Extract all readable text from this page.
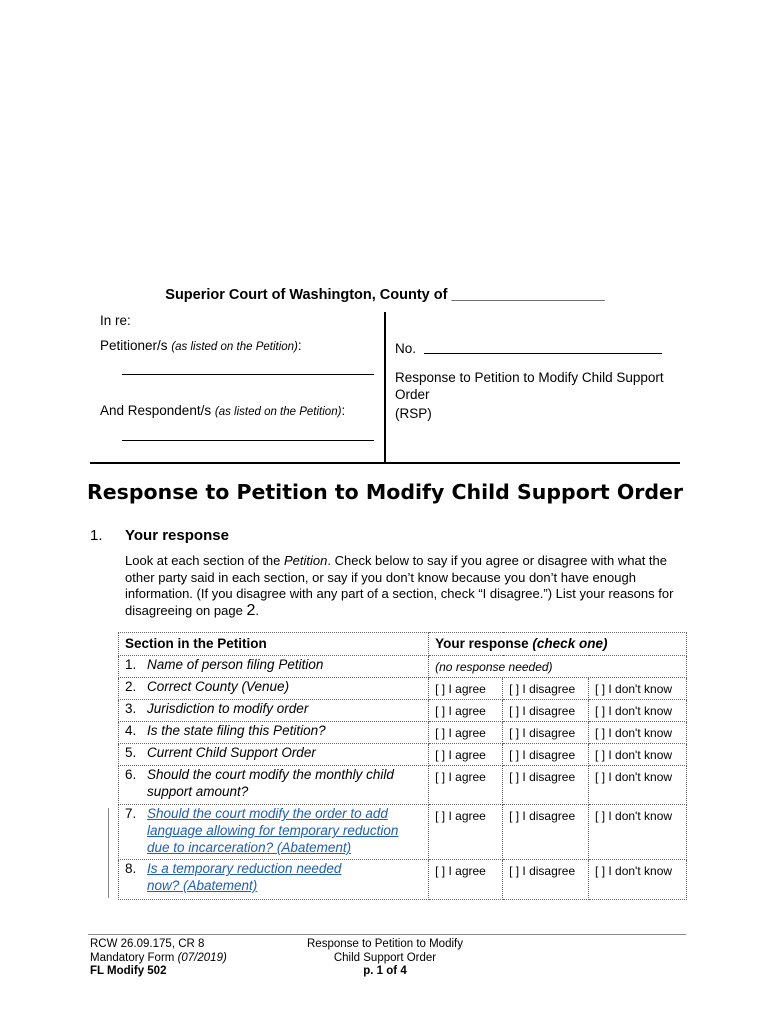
Superior Court of Washington, County of ___________________
In re:
Petitioner/s (as listed on the Petition):
And Respondent/s (as listed on the Petition):
No.
Response to Petition to Modify Child Support Order
(RSP)
Response to Petition to Modify Child Support Order
1. Your response
Look at each section of the Petition. Check below to say if you agree or disagree with what the other party said in each section, or say if you don’t know because you don’t have enough information. (If you disagree with any part of a section, check “I disagree.”) List your reasons for disagreeing on page 2.
Section in the Petition	Your response (check one)		
1. Name of person filing Petition	(no response needed)		
2. Correct County (Venue)	[ ] I agree	[ ] I disagree	[ ] I don't know
3. Jurisdiction to modify order	[ ] I agree	[ ] I disagree	[ ] I don't know
4. Is the state filing this Petition?	[ ] I agree	[ ] I disagree	[ ] I don't know
5. Current Child Support Order	[ ] I agree	[ ] I disagree	[ ] I don't know

6. Should the court modify the monthly child support amount?	[ ] I agree	[ ] I disagree	[ ] I don't know

7. Should the court modify the order to add language allowing for temporary reduction due to incarceration? (Abatement)	[ ] I agree	[ ] I disagree	[ ] I don't know

8. Is a temporary reduction needed now? (Abatement)	[ ] I agree	[ ] I disagree	[ ] I don't know
RCW 26.09.175, CR 8
Mandatory Form (07/2019)
FL Modify 502
Response to Petition to Modify
Child Support Order
p. 1 of 4
